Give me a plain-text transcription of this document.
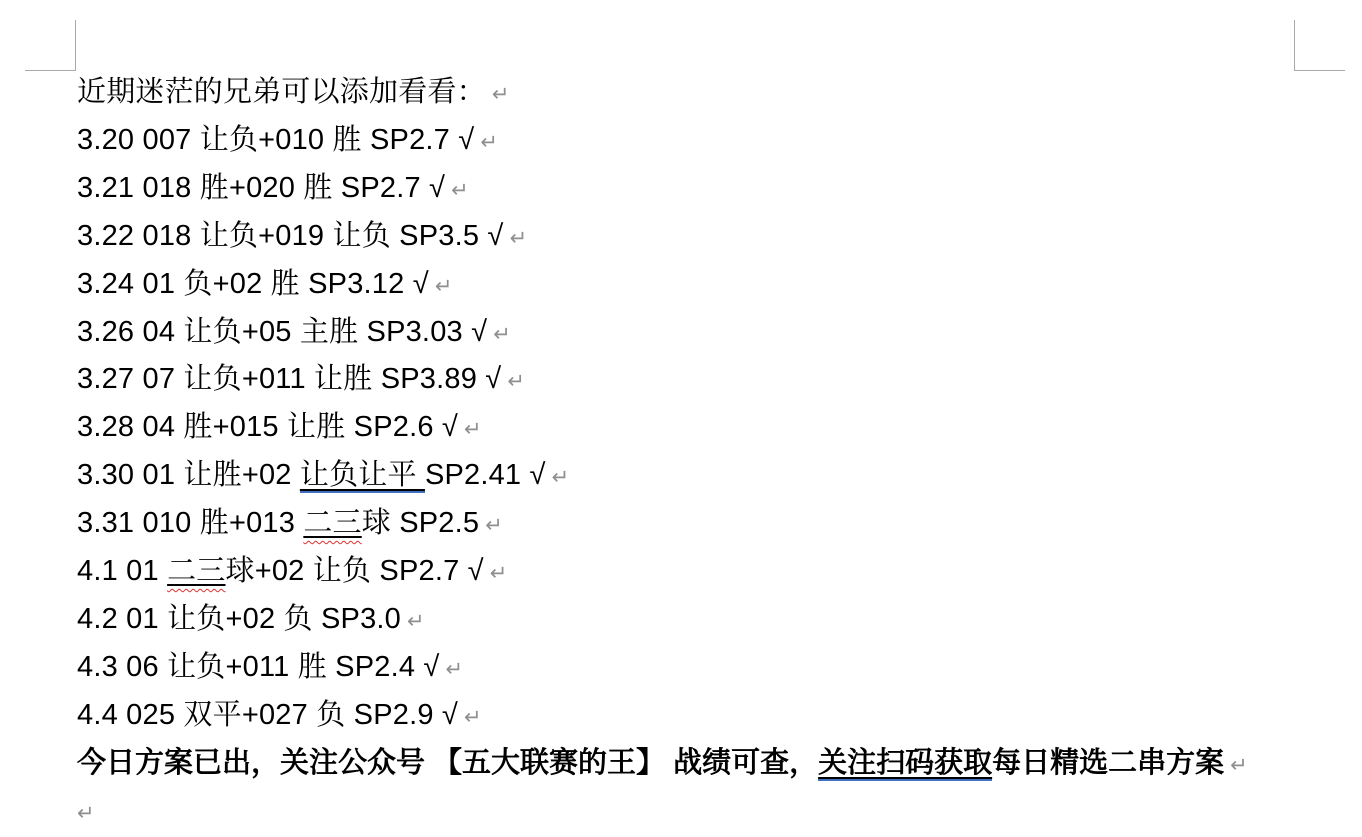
近期迷茫的兄弟可以添加看看： ↵
3.20 007 让负+010 胜 SP2.7 √ ↵
3.21 018 胜+020 胜 SP2.7 √ ↵
3.22 018 让负+019 让负 SP3.5 √ ↵
3.24 01 负+02 胜 SP3.12 √ ↵
3.26 04 让负+05 主胜 SP3.03 √ ↵
3.27 07 让负+011 让胜 SP3.89 √ ↵
3.28 04 胜+015 让胜 SP2.6 √ ↵
3.30 01 让胜+02 让负让平 SP2.41 √ ↵
3.31 010 胜+013 二三球 SP2.5 ↵
4.1 01 二三球+02 让负 SP2.7 √ ↵
4.2 01 让负+02 负 SP3.0 ↵
4.3 06 让负+011 胜 SP2.4 √ ↵
4.4 025 双平+027 负 SP2.9 √ ↵
今日方案已出，关注公众号 【五大联赛的王】 战绩可查，关注扫码获取每日精选二串方案 ↵
↵
